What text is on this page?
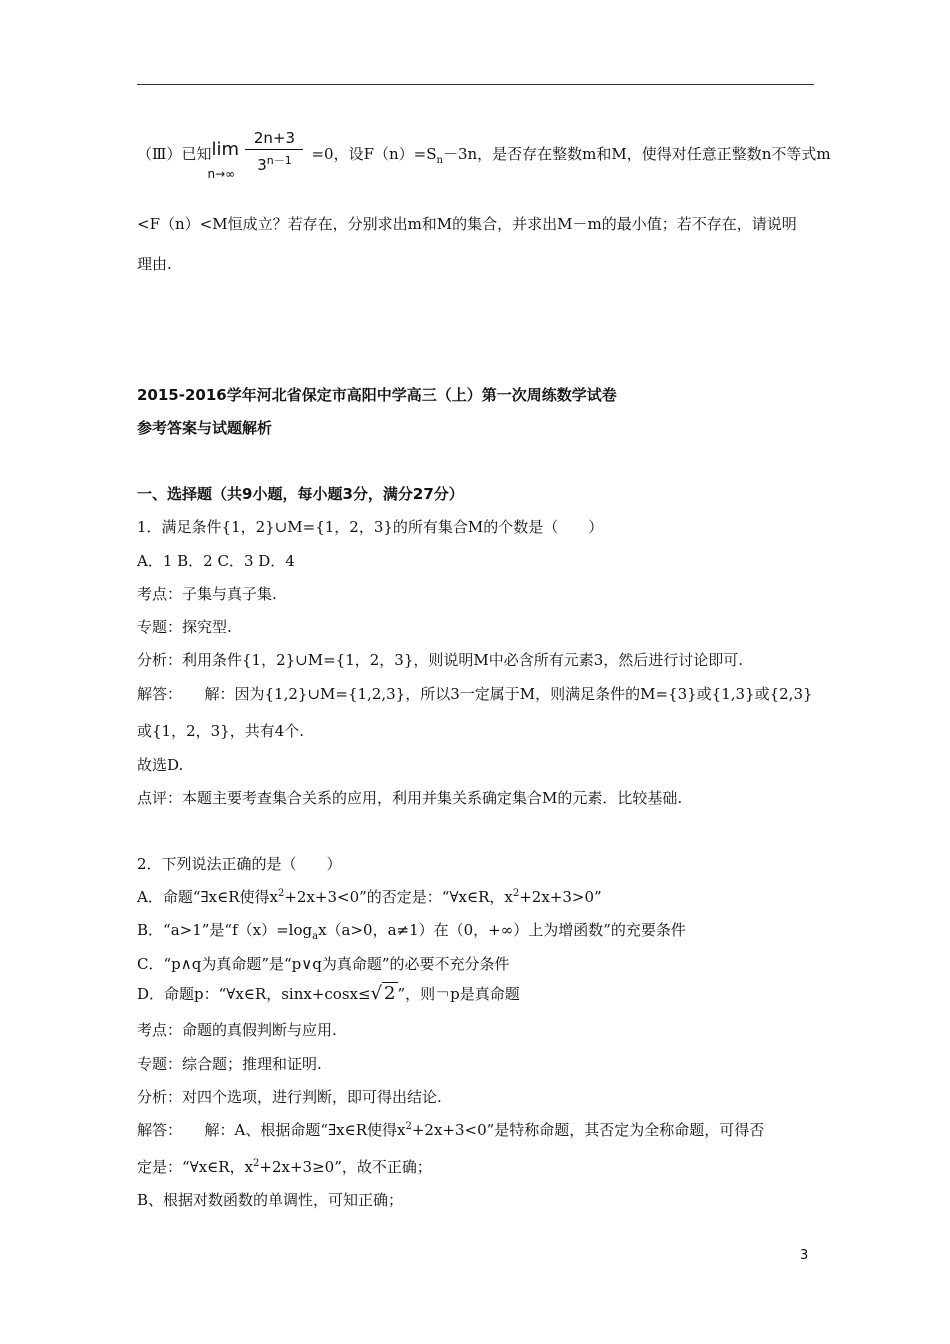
（Ⅲ）已知 lim
$n\to\infty \frac{2n+3}{3^{n-1}} =0$，设$F(n)=S_n-3n$，是否存在整数m和M，使得对任意正整数n不等式m
<F（n）<M恒成立？若存在，分别求出m和M的集合，并求出M－m的最小值；若不存在，请说明
理由.
2015-2016学年河北省保定市高阳中学高三（上）第一次周练数学试卷
参考答案与试题解析
一、选择题（共9小题，每小题3分，满分27分）
1．满足条件{1，2}∪M={1，2，3}的所有集合M的个数是（　　）
A．1 B．2 C．3 D．4
考点：子集与真子集.
专题：探究型.
分析：利用条件{1，2}∪M={1，2，3}，则说明M中必含所有元素3，然后进行讨论即可.
解答：　　解：因为{1,2}∪M={1,2,3}，所以3一定属于M，则满足条件的M={3}或{1,3}或{2,3}
或{1，2，3}，共有4个.
故选D.
点评：本题主要考查集合关系的应用，利用并集关系确定集合M的元素．比较基础.
2．下列说法正确的是（　　）
A．命题“∃x∈R使得$x^2+2x+3<0$”的否定是：“∀x∈R，$x^2+2x+3>0$”
B．“a>1”是“$f(x)=\log_ax(a>0$，a≠1）在（0，+∞）上为增函数”的充要条件
C．“p∧q为真命题”是“p∨q为真命题”的必要不充分条件
D．命题p：“∀x∈R，sinx+cosx≤√ 2 ”，则￢p是真命题
考点：命题的真假判断与应用.
专题：综合题；推理和证明.
分析：对四个选项，进行判断，即可得出结论.
解答：　　解：A、根据命题“∃x∈R使得$x^2+2x+3<0$”是特称命题，其否定为全称命题，可得否
定是：“∀x∈R，$x^2+2x+3\ge 0$”，故不正确；
B、根据对数函数的单调性，可知正确；
3
